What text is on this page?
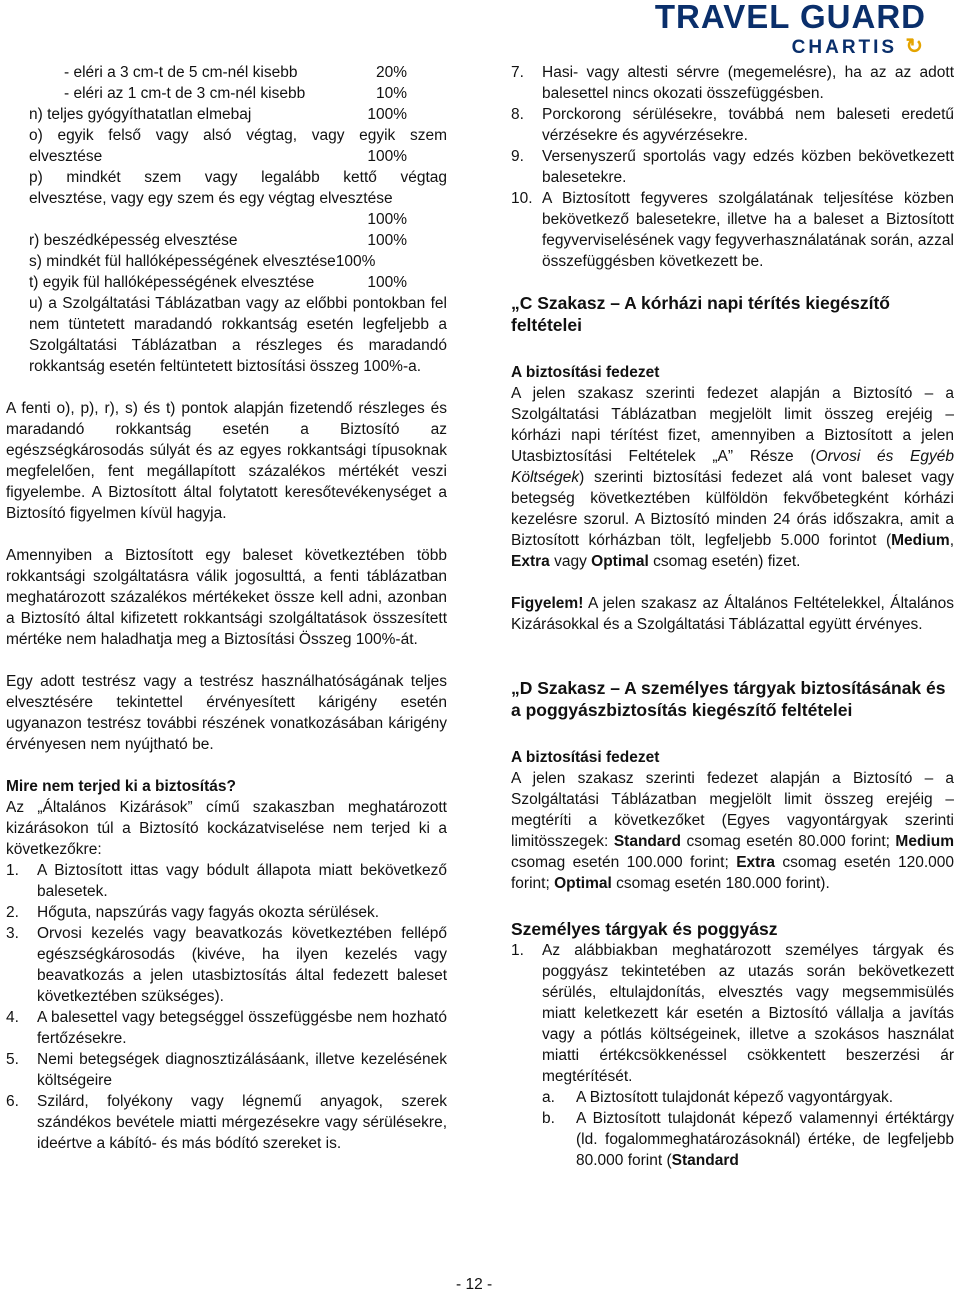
TRAVEL GUARD
CHARTIS ↻
- eléri a 3 cm-t de 5 cm-nél kisebb	20%
- eléri az 1 cm-t de 3 cm-nél kisebb	10%
n) teljes gyógyíthatatlan elmebaj	100%

o) egyik felső vagy alsó végtag, vagy egyik szem

elvesztése	100%

p) mindkét szem vagy legalább kettő végtag

elvesztése, vagy egy szem és egy végtag elvesztése

100%
r) beszédképesség elvesztése	100%

s) mindkét fül hallóképességének elvesztése100%

t) egyik fül hallóképességének elvesztése	100%

u) a Szolgáltatási Táblázatban vagy az előbbi pontokban fel nem tüntetett maradandó rokkantság esetén legfeljebb a Szolgáltatási Táblázatban a részleges és maradandó rokkantság esetén feltüntetett biztosítási összeg 100%-a.

A fenti o), p), r), s) és t) pontok alapján fizetendő részleges és maradandó rokkantság esetén a Biztosító az egészségkárosodás súlyát és az egyes rokkantsági típusoknak megfelelően, fent megállapított százalékos mértékét veszi figyelembe. A Biztosított által folytatott keresőtevékenységet a Biztosító figyelmen kívül hagyja.

Amennyiben a Biztosított egy baleset következtében több rokkantsági szolgáltatásra válik jogosulttá, a fenti táblázatban meghatározott százalékos mértékeket össze kell adni, azonban a Biztosító által kifizetett rokkantsági szolgáltatások összesített mértéke nem haladhatja meg a Biztosítási Összeg 100%-át.

Egy adott testrész vagy a testrész használhatóságának teljes elvesztésére tekintettel érvényesített kárigény esetén ugyanazon testrész további részének vonatkozásában kárigény érvényesen nem nyújtható be.

Mire nem terjed ki a biztosítás?

Az „Általános Kizárások” című szakaszban meghatározott kizárásokon túl a Biztosító kockázatviselése nem terjed ki a következőkre:

1.	A Biztosított ittas vagy bódult állapota miatt bekövetkező balesetek.
2.	Hőguta, napszúrás vagy fagyás okozta sérülések.
3.	Orvosi kezelés vagy beavatkozás következtében fellépő egészségkárosodás (kivéve, ha ilyen kezelés vagy beavatkozás a jelen utasbiztosítás által fedezett baleset következtében szükséges).
4.	A balesettel vagy betegséggel összefüggésbe nem hozható fertőzésekre.
5.	Nemi betegségek diagnosztizálásáank, illetve kezelésének költségeire
6.	Szilárd, folyékony vagy légnemű anyagok, szerek szándékos bevétele miatti mérgezésekre vagy sérülésekre, ideértve a kábító- és más bódító szereket is.
7.	Hasi- vagy altesti sérvre (megemelésre), ha az az adott balesettel nincs okozati összefüggésben.
8.	Porckorong sérülésekre, továbbá nem baleseti eredetű vérzésekre és agyvérzésekre.
9.	Versenyszerű sportolás vagy edzés közben bekövetkezett balesetekre.
10. A Biztosított fegyveres szolgálatának teljesítése közben bekövetkező balesetekre, illetve ha a baleset a Biztosított fegyverviselésének vagy fegyverhasználatának során, azzal összefüggésben következett be.
„C Szakasz – A kórházi napi térítés kiegészítő feltételei

A biztosítási fedezet

A jelen szakasz szerinti fedezet alapján a Biztosító – a Szolgáltatási Táblázatban megjelölt limit összeg erejéig – kórházi napi térítést fizet, amennyiben a Biztosított a jelen Utasbiztosítási Feltételek „A” Része (Orvosi és Egyéb Költségek) szerinti biztosítási fedezet alá vont baleset vagy betegség következtében külföldön fekvőbetegként kórházi kezelésre szorul. A Biztosító minden 24 órás időszakra, amit a Biztosított kórházban tölt, legfeljebb 5.000 forintot (Medium, Extra vagy Optimal csomag esetén) fizet.

Figyelem! A jelen szakasz az Általános Feltételekkel, Általános Kizárásokkal és a Szolgáltatási Táblázattal együtt érvényes.

„D Szakasz – A személyes tárgyak biztosításának és a poggyászbiztosítás kiegészítő feltételei

A biztosítási fedezet

A jelen szakasz szerinti fedezet alapján a Biztosító – a Szolgáltatási Táblázatban megjelölt limit összeg erejéig – megtéríti a következőket (Egyes vagyontárgyak szerinti limitösszegek: Standard csomag esetén 80.000 forint; Medium csomag esetén 100.000 forint; Extra csomag esetén 120.000 forint; Optimal csomag esetén 180.000 forint).

Személyes tárgyak és poggyász
1.	Az alábbiakban meghatározott személyes tárgyak és poggyász tekintetében az utazás során bekövetkezett sérülés, eltulajdonítás, elvesztés vagy megsemmisülés miatt keletkezett kár esetén a Biztosító vállalja a javítás vagy a pótlás költségeinek, illetve a szokásos használat miatti értékcsökkenéssel csökkentett beszerzési ár megtérítését.
a.	A Biztosított tulajdonát képező vagyontárgyak.
b.	A Biztosított tulajdonát képező valamennyi értéktárgy (ld. fogalommeghatározásoknál) értéke, de legfeljebb 80.000 forint (Standard
- 12 -
